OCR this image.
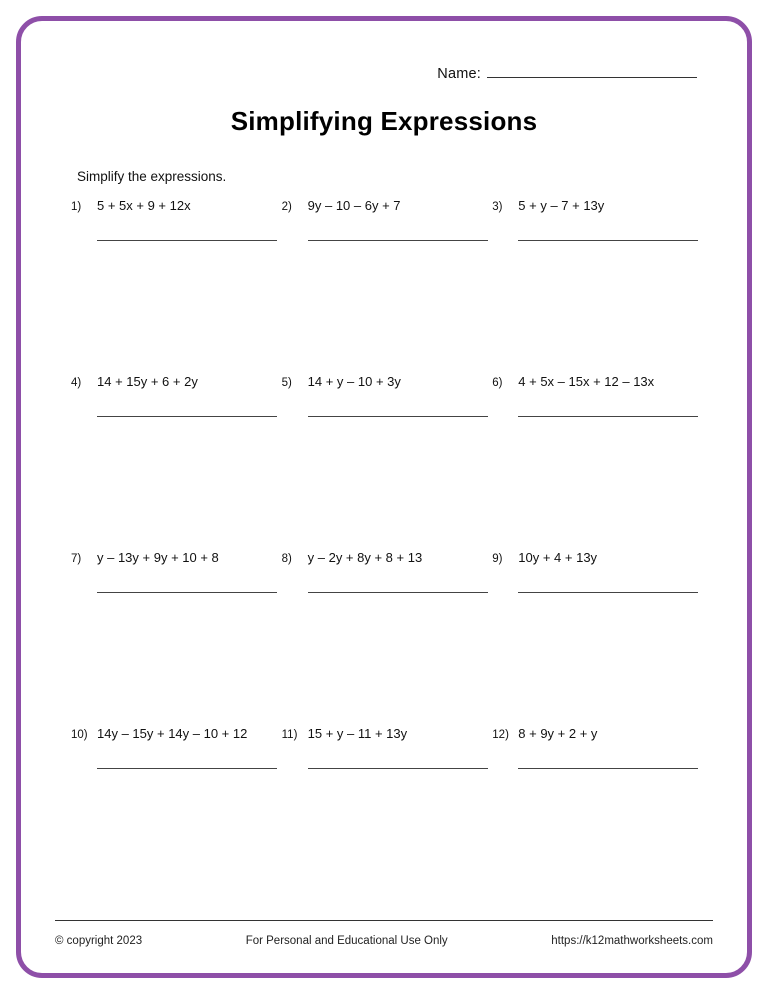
Name:
Simplifying Expressions
Simplify the expressions.
1)	5 + 5x + 9 + 12x	2)	9y – 10 – 6y + 7	3)	5 + y – 7 + 13y
4)	14 + 15y + 6 + 2y	5)	14 + y – 10 + 3y	6)	4 + 5x – 15x + 12 – 13x
7)	y – 13y + 9y + 10 + 8	8)	y – 2y + 8y + 8 + 13	9)	10y + 4 + 13y
10) 14y – 15y + 14y – 10 + 12	11) 15 + y – 11 + 13y	12) 8 + 9y + 2 + y
© copyright 2023	For Personal and Educational Use Only	https://k12mathworksheets.com
